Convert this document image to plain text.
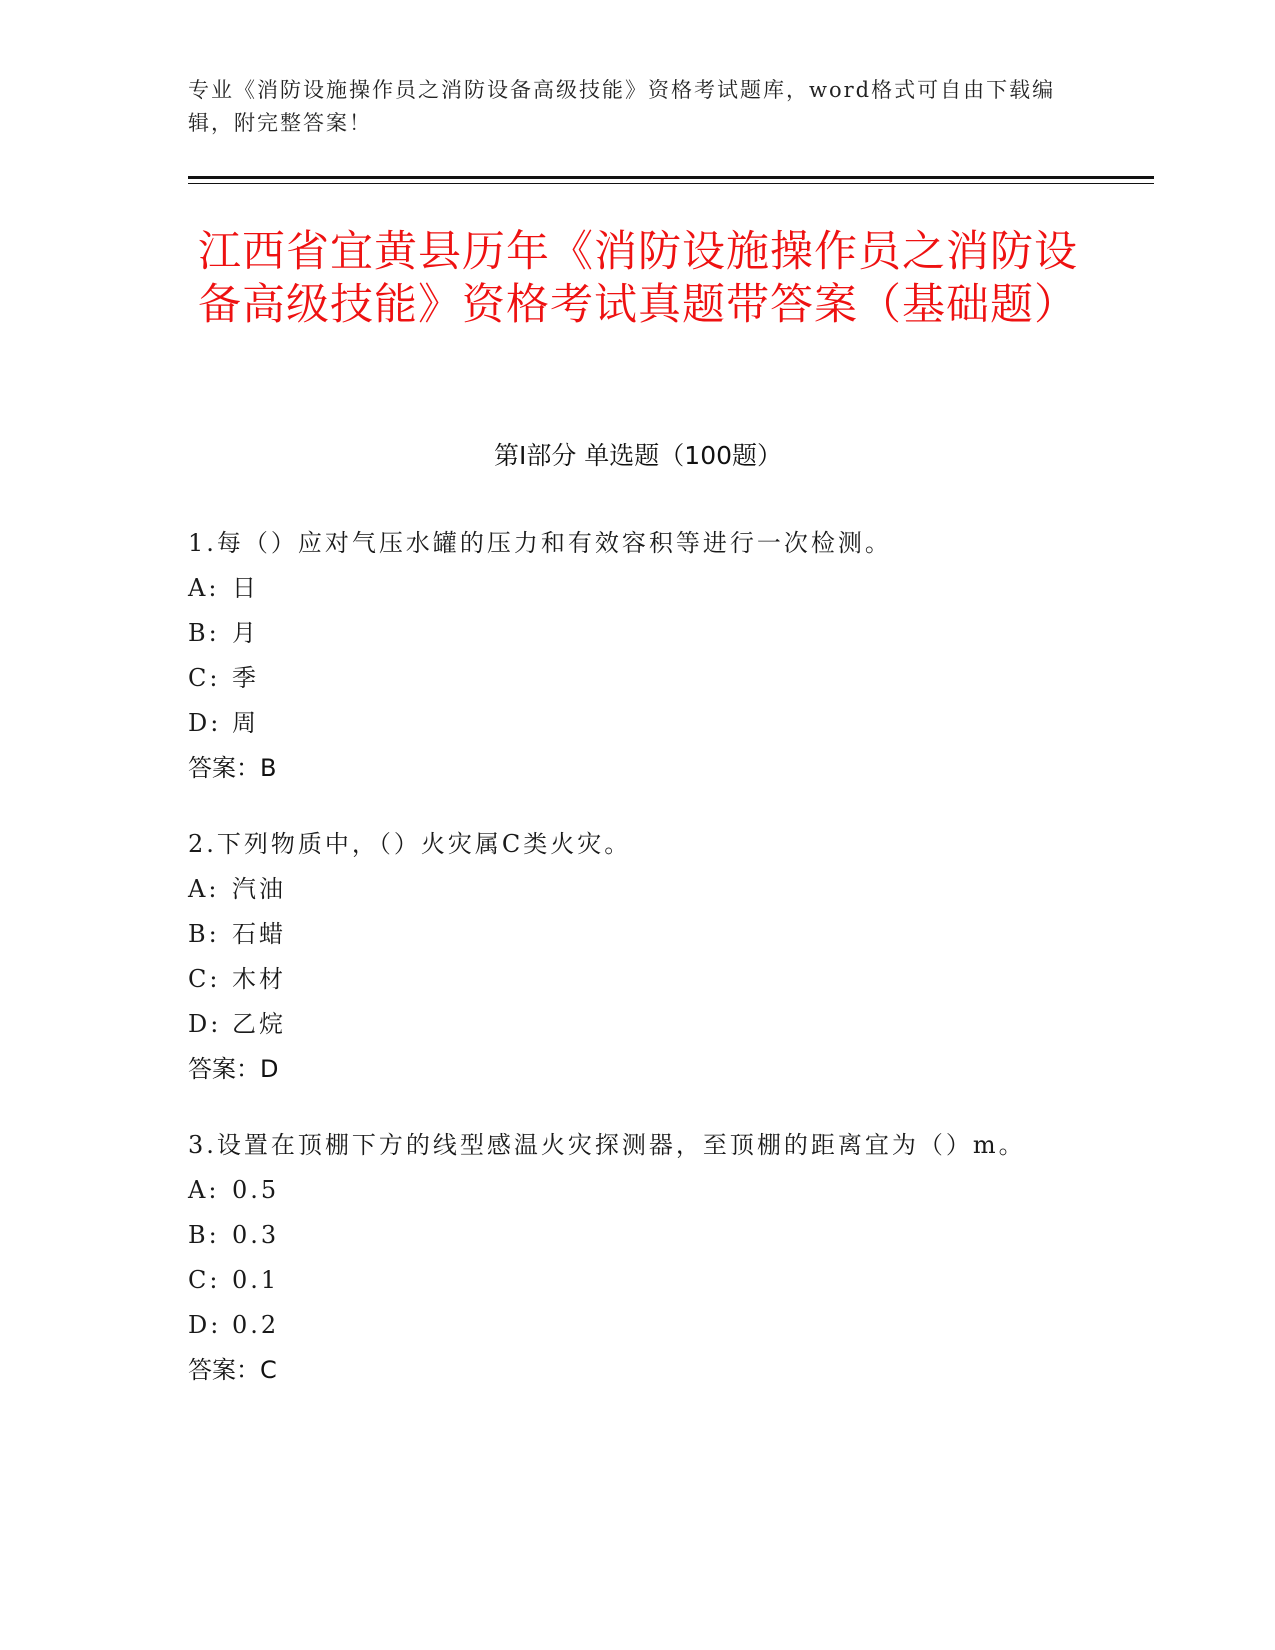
专业《消防设施操作员之消防设备高级技能》资格考试题库，word格式可自由下载编辑，附完整答案！
江西省宜黄县历年《消防设施操作员之消防设备高级技能》资格考试真题带答案（基础题）
第Ⅰ部分 单选题（100题）
1.每（）应对气压水罐的压力和有效容积等进行一次检测。
A: 日
B: 月
C: 季
D: 周
答案：B
2.下列物质中，（）火灾属C类火灾。
A: 汽油
B: 石蜡
C: 木材
D: 乙烷
答案：D
3.设置在顶棚下方的线型感温火灾探测器，至顶棚的距离宜为（）m。
A: 0.5
B: 0.3
C: 0.1
D: 0.2
答案：C
